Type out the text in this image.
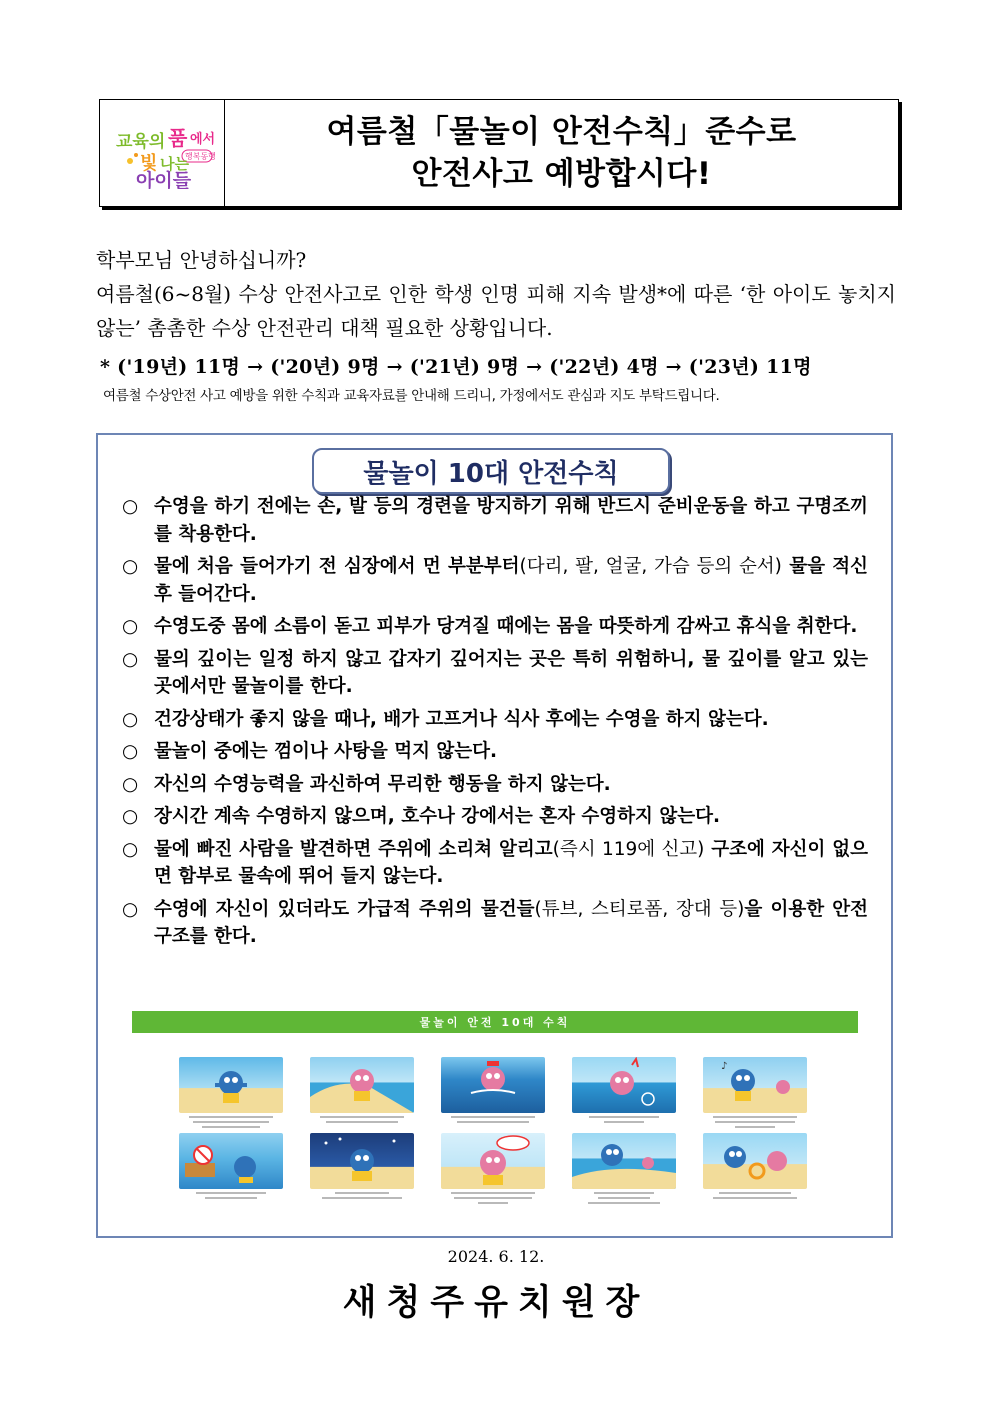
교육의 품 에서
행복동행
빛 나는
아이들
여름철「물놀이 안전수칙」준수로
안전사고 예방합시다!

학부모님 안녕하십니까?

여름철(6~8월) 수상 안전사고로 인한 학생 인명 피해 지속 발생*에 따른 ‘한 아이도 놓치지 않는’ 촘촘한 수상 안전관리 대책 필요한 상황입니다.

* ('19년) 11명 → ('20년) 9명 → ('21년) 9명 → ('22년) 4명 → ('23년) 11명
여름철 수상안전 사고 예방을 위한 수칙과 교육자료를 안내해 드리니, 가정에서도 관심과 지도 부탁드립니다.
물놀이 10대 안전수칙
○ 수영을 하기 전에는 손, 발 등의 경련을 방지하기 위해 반드시 준비운동을 하고 구명조끼를 착용한다.
○ 물에 처음 들어가기 전 심장에서 먼 부분부터(다리, 팔, 얼굴, 가슴 등의 순서) 물을 적신 후 들어간다.
○ 수영도중 몸에 소름이 돋고 피부가 당겨질 때에는 몸을 따뜻하게 감싸고 휴식을 취한다.
○ 물의 깊이는 일정 하지 않고 갑자기 깊어지는 곳은 특히 위험하니, 물 깊이를 알고 있는 곳에서만 물놀이를 한다.
○ 건강상태가 좋지 않을 때나, 배가 고프거나 식사 후에는 수영을 하지 않는다.
○ 물놀이 중에는 껌이나 사탕을 먹지 않는다.
○ 자신의 수영능력을 과신하여 무리한 행동을 하지 않는다.
○ 장시간 계속 수영하지 않으며, 호수나 강에서는 혼자 수영하지 않는다.
○ 물에 빠진 사람을 발견하면 주위에 소리쳐 알리고(즉시 119에 신고) 구조에 자신이 없으면 함부로 물속에 뛰어 들지 않는다.
○ 수영에 자신이 있더라도 가급적 주위의 물건들(튜브, 스티로폼, 장대 등)을 이용한 안전구조를 한다.
물놀이 안전 10대 수칙
♪
2024. 6. 12.
새청주유치원장
